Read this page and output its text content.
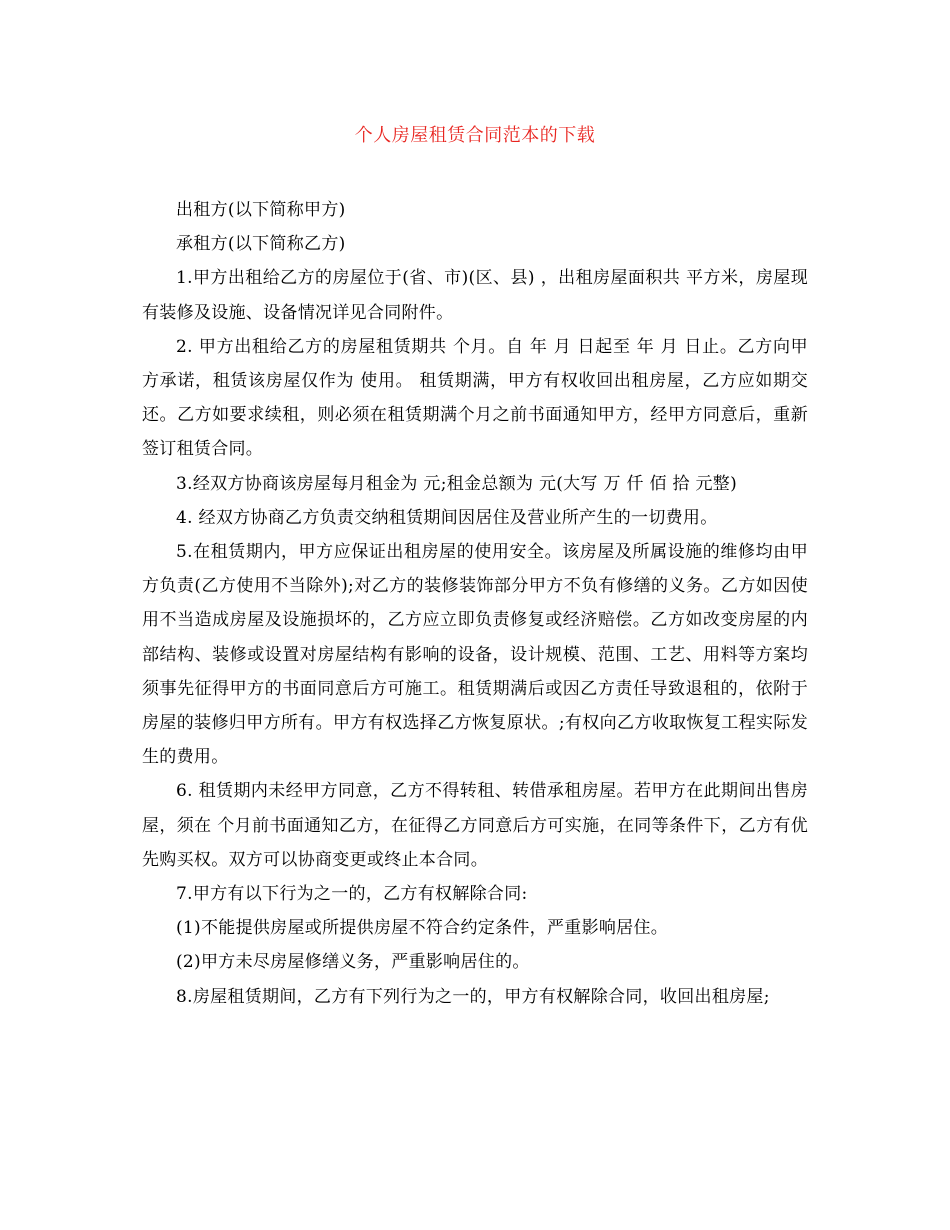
个人房屋租赁合同范本的下载

出租方(以下简称甲方)

承租方(以下简称乙方)

1.甲方出租给乙方的房屋位于(省、市)(区、县) ，出租房屋面积共 平方米，房屋现有装修及设施、设备情况详见合同附件。

2. 甲方出租给乙方的房屋租赁期共 个月。自 年 月 日起至 年 月 日止。乙方向甲方承诺，租赁该房屋仅作为 使用。 租赁期满，甲方有权收回出租房屋，乙方应如期交还。乙方如要求续租，则必须在租赁期满个月之前书面通知甲方，经甲方同意后，重新签订租赁合同。

3.经双方协商该房屋每月租金为 元;租金总额为 元(大写 万 仟 佰 拾 元整)

4. 经双方协商乙方负责交纳租赁期间因居住及营业所产生的一切费用。

5.在租赁期内，甲方应保证出租房屋的使用安全。该房屋及所属设施的维修均由甲方负责(乙方使用不当除外);对乙方的装修装饰部分甲方不负有修缮的义务。乙方如因使用不当造成房屋及设施损坏的，乙方应立即负责修复或经济赔偿。乙方如改变房屋的内部结构、装修或设置对房屋结构有影响的设备，设计规模、范围、工艺、用料等方案均须事先征得甲方的书面同意后方可施工。租赁期满后或因乙方责任导致退租的，依附于房屋的装修归甲方所有。甲方有权选择乙方恢复原状。;有权向乙方收取恢复工程实际发生的费用。

6. 租赁期内未经甲方同意，乙方不得转租、转借承租房屋。若甲方在此期间出售房屋，须在 个月前书面通知乙方，在征得乙方同意后方可实施，在同等条件下，乙方有优先购买权。双方可以协商变更或终止本合同。

7.甲方有以下行为之一的，乙方有权解除合同:

(1)不能提供房屋或所提供房屋不符合约定条件，严重影响居住。

(2)甲方未尽房屋修缮义务，严重影响居住的。

8.房屋租赁期间，乙方有下列行为之一的，甲方有权解除合同，收回出租房屋;
